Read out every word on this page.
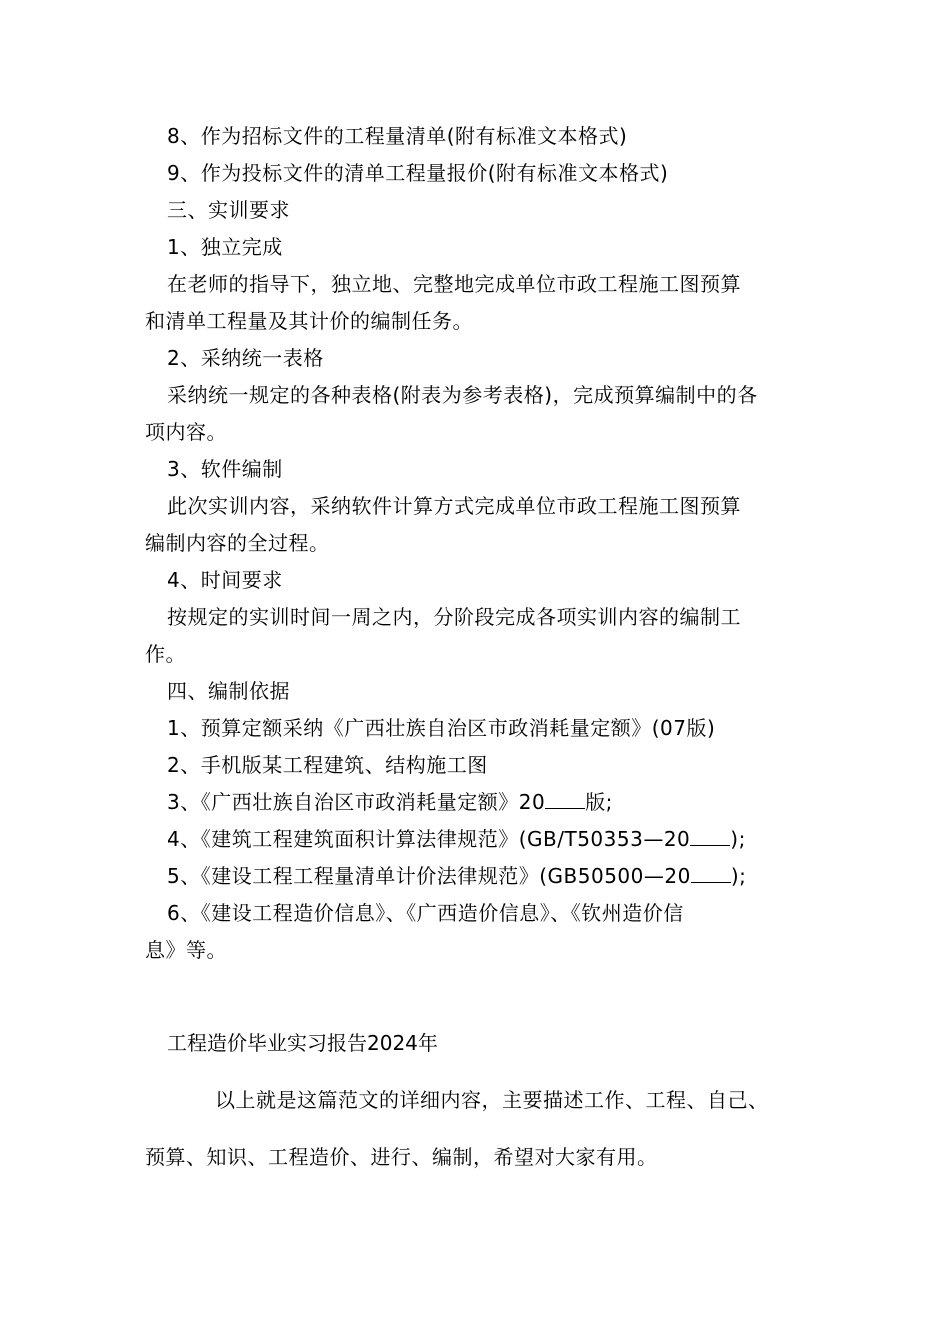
8、作为招标文件的工程量清单(附有标准文本格式)

9、作为投标文件的清单工程量报价(附有标准文本格式)

三、实训要求

1、独立完成

在老师的指导下，独立地、完整地完成单位市政工程施工图预算

和清单工程量及其计价的编制任务。

2、采纳统一表格

采纳统一规定的各种表格(附表为参考表格)，完成预算编制中的各

项内容。

3、软件编制

此次实训内容，采纳软件计算方式完成单位市政工程施工图预算

编制内容的全过程。

4、时间要求

按规定的实训时间一周之内，分阶段完成各项实训内容的编制工

作。

四、编制依据

1、预算定额采纳《广西壮族自治区市政消耗量定额》(07版)

2、手机版某工程建筑、结构施工图

3、《广西壮族自治区市政消耗量定额》20 版;

4、《建筑工程建筑面积计算法律规范》(GB/T50353—20 );

5、《建设工程工程量清单计价法律规范》(GB50500—20 );

6、《建设工程造价信息》、《广西造价信息》、《钦州造价信

息》等。

工程造价毕业实习报告2024年

以上就是这篇范文的详细内容，主要描述工作、工程、自己、

预算、知识、工程造价、进行、编制，希望对大家有用。
